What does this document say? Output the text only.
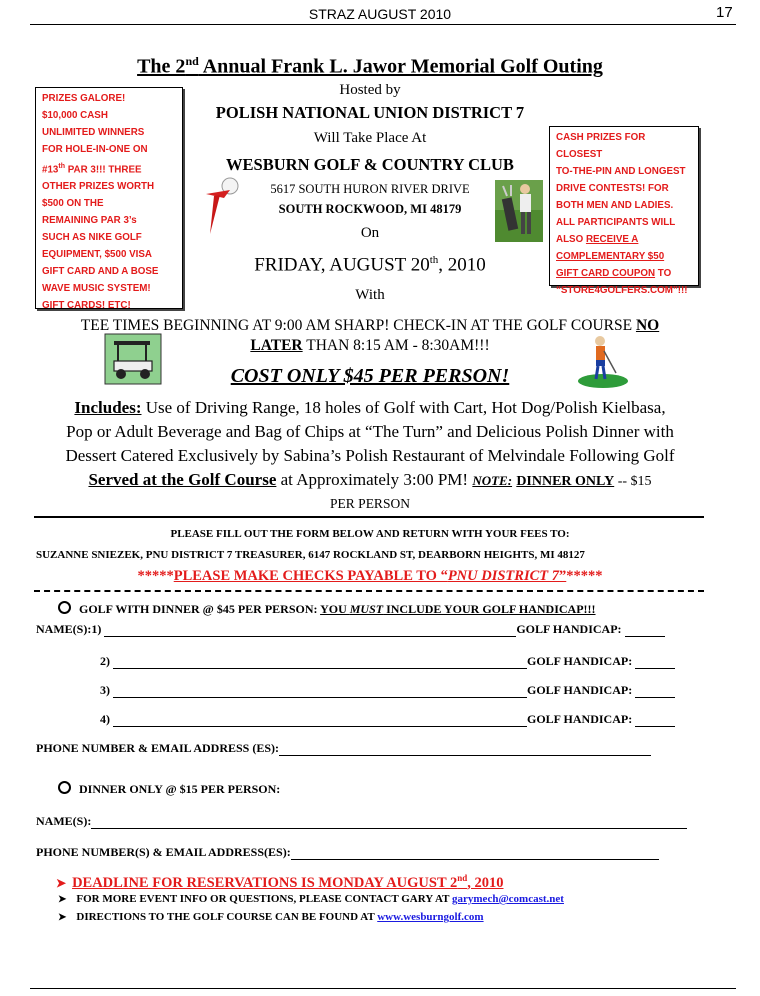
STRAZ AUGUST 2010	17
The 2nd Annual Frank L. Jawor Memorial Golf Outing
PRIZES GALORE!
$10,000 CASH
UNLIMITED WINNERS
FOR HOLE-IN-ONE ON
#13th PAR 3!!! THREE
OTHER PRIZES WORTH
$500 ON THE
REMAINING PAR 3’s
SUCH AS NIKE GOLF
EQUIPMENT, $500 VISA
GIFT CARD AND A BOSE
WAVE MUSIC SYSTEM!
GIFT CARDS! ETC!
CASH PRIZES FOR CLOSEST
TO-THE-PIN AND LONGEST
DRIVE CONTESTS! FOR
BOTH MEN AND LADIES.
ALL PARTICIPANTS WILL
ALSO RECEIVE A
COMPLEMENTARY $50
GIFT CARD COUPON TO
“STORE4GOLFERS.COM”!!!
Hosted by
POLISH NATIONAL UNION DISTRICT 7
Will Take Place At
WESBURN GOLF & COUNTRY CLUB
5617 SOUTH HURON RIVER DRIVE
SOUTH ROCKWOOD, MI 48179
On
FRIDAY, AUGUST 20th, 2010
With
TEE TIMES BEGINNING AT 9:00 AM SHARP! CHECK-IN AT THE GOLF COURSE NO
LATER THAN 8:15 AM - 8:30AM!!!
COST ONLY $45 PER PERSON!
Includes: Use of Driving Range, 18 holes of Golf with Cart, Hot Dog/Polish Kielbasa,
Pop or Adult Beverage and Bag of Chips at “The Turn” and Delicious Polish Dinner with
Dessert Catered Exclusively by Sabina’s Polish Restaurant of Melvindale Following Golf
Served at the Golf Course at Approximately 3:00 PM! NOTE: DINNER ONLY -- $15
PER PERSON
PLEASE FILL OUT THE FORM BELOW AND RETURN WITH YOUR FEES TO:
SUZANNE SNIEZEK, PNU DISTRICT 7 TREASURER, 6147 ROCKLAND ST, DEARBORN HEIGHTS, MI 48127
*****PLEASE MAKE CHECKS PAYABLE TO “PNU DISTRICT 7”*****
GOLF WITH DINNER @ $45 PER PERSON: YOU MUST INCLUDE YOUR GOLF HANDICAP!!!
NAME(S):1)	GOLF HANDICAP:
2)	GOLF HANDICAP:
3)	GOLF HANDICAP:
4)	GOLF HANDICAP:
PHONE NUMBER & EMAIL ADDRESS (ES):
DINNER ONLY @ $15 PER PERSON:
NAME(S):
PHONE NUMBER(S) & EMAIL ADDRESS(ES):
➤ DEADLINE FOR RESERVATIONS IS MONDAY AUGUST 2nd, 2010
➤ FOR MORE EVENT INFO OR QUESTIONS, PLEASE CONTACT GARY AT garymech@comcast.net
➤ DIRECTIONS TO THE GOLF COURSE CAN BE FOUND AT www.wesburngolf.com
